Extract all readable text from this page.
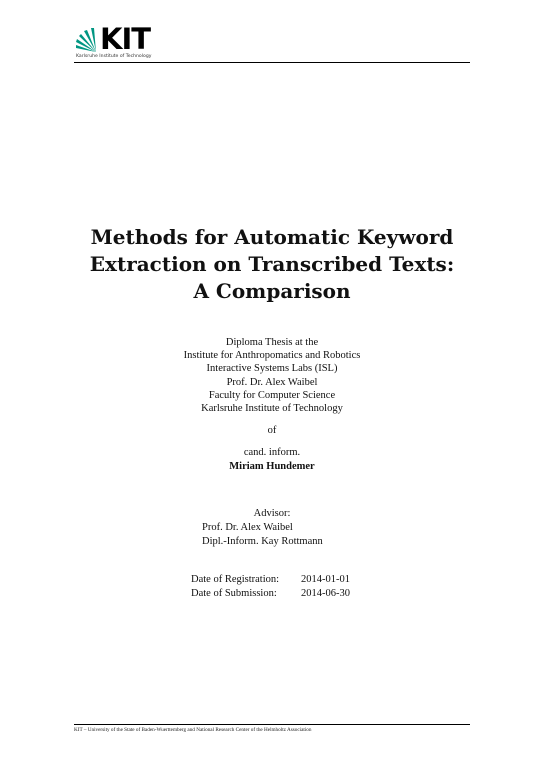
KIT
Karlsruhe Institute of Technology
Methods for Automatic Keyword
Extraction on Transcribed Texts:
A Comparison
Diploma Thesis at the
Institute for Anthropomatics and Robotics
Interactive Systems Labs (ISL)
Prof. Dr. Alex Waibel
Faculty for Computer Science
Karlsruhe Institute of Technology
of
cand. inform.
Miriam Hundemer
Advisor:
Prof. Dr. Alex Waibel
Dipl.-Inform. Kay Rottmann
Date of Registration:	2014-01-01
Date of Submission:	2014-06-30
KIT – University of the State of Baden-Wuerttemberg and National Research Center of the Helmholtz Association
